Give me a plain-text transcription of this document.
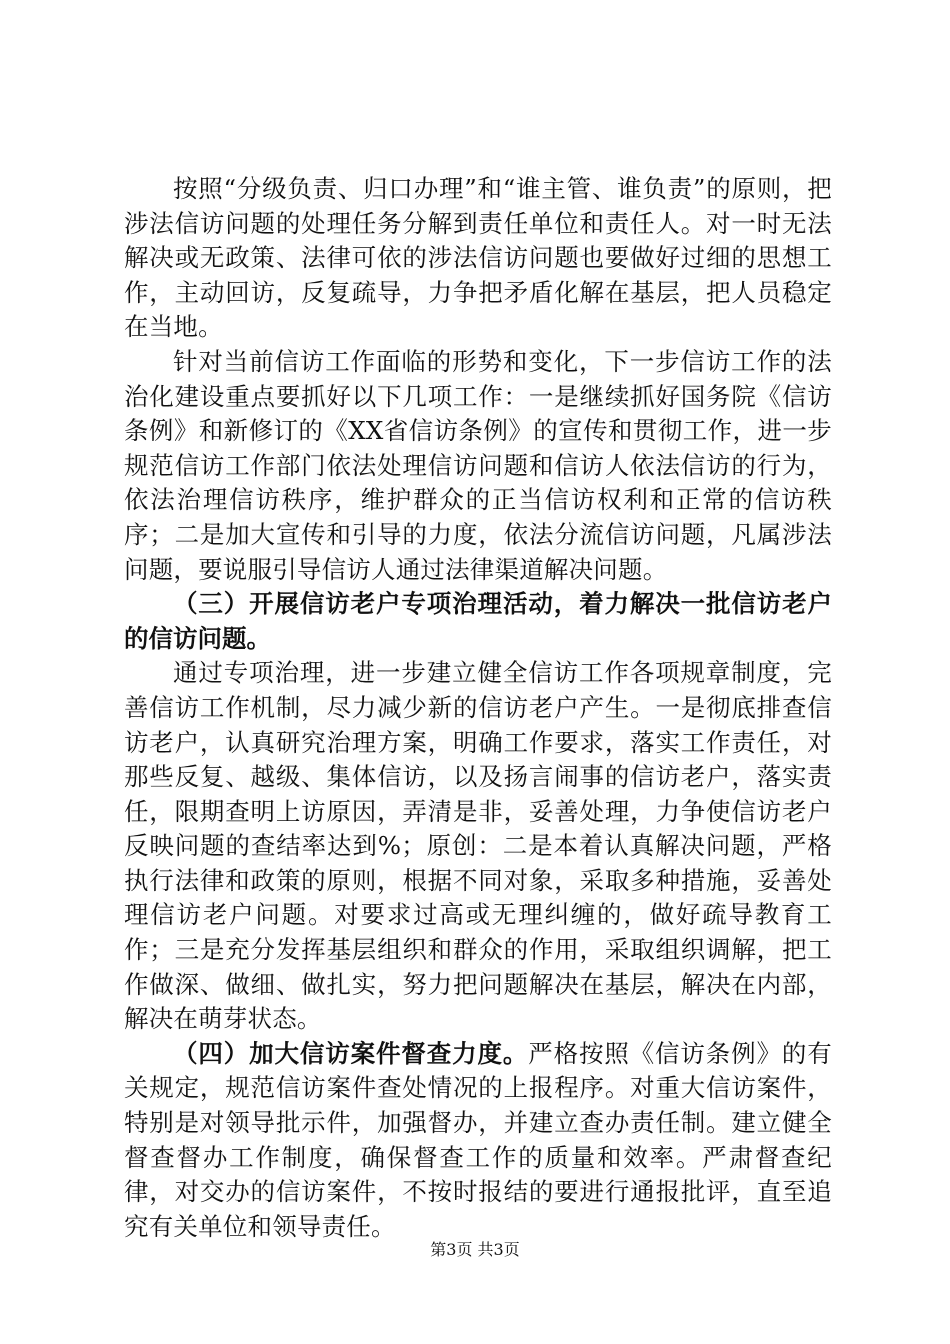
按照“分级负责、归口办理”和“谁主管、谁负责”的原则，把涉法信访问题的处理任务分解到责任单位和责任人。对一时无法解决或无政策、法律可依的涉法信访问题也要做好过细的思想工作，主动回访，反复疏导，力争把矛盾化解在基层，把人员稳定在当地。

针对当前信访工作面临的形势和变化，下一步信访工作的法治化建设重点要抓好以下几项工作：一是继续抓好国务院《信访条例》和新修订的《XX省信访条例》的宣传和贯彻工作，进一步规范信访工作部门依法处理信访问题和信访人依法信访的行为，依法治理信访秩序，维护群众的正当信访权利和正常的信访秩序；二是加大宣传和引导的力度，依法分流信访问题，凡属涉法问题，要说服引导信访人通过法律渠道解决问题。

（三）开展信访老户专项治理活动，着力解决一批信访老户的信访问题。

通过专项治理，进一步建立健全信访工作各项规章制度，完善信访工作机制，尽力减少新的信访老户产生。一是彻底排查信访老户，认真研究治理方案，明确工作要求，落实工作责任，对那些反复、越级、集体信访，以及扬言闹事的信访老户，落实责任，限期查明上访原因，弄清是非，妥善处理，力争使信访老户反映问题的查结率达到%；原创：二是本着认真解决问题，严格执行法律和政策的原则，根据不同对象，采取多种措施，妥善处理信访老户问题。对要求过高或无理纠缠的，做好疏导教育工作；三是充分发挥基层组织和群众的作用，采取组织调解，把工作做深、做细、做扎实，努力把问题解决在基层，解决在内部，解决在萌芽状态。

（四）加大信访案件督查力度。严格按照《信访条例》的有关规定，规范信访案件查处情况的上报程序。对重大信访案件，特别是对领导批示件，加强督办，并建立查办责任制。建立健全督查督办工作制度，确保督查工作的质量和效率。严肃督查纪律，对交办的信访案件，不按时报结的要进行通报批评，直至追究有关单位和领导责任。

第3页 共3页
